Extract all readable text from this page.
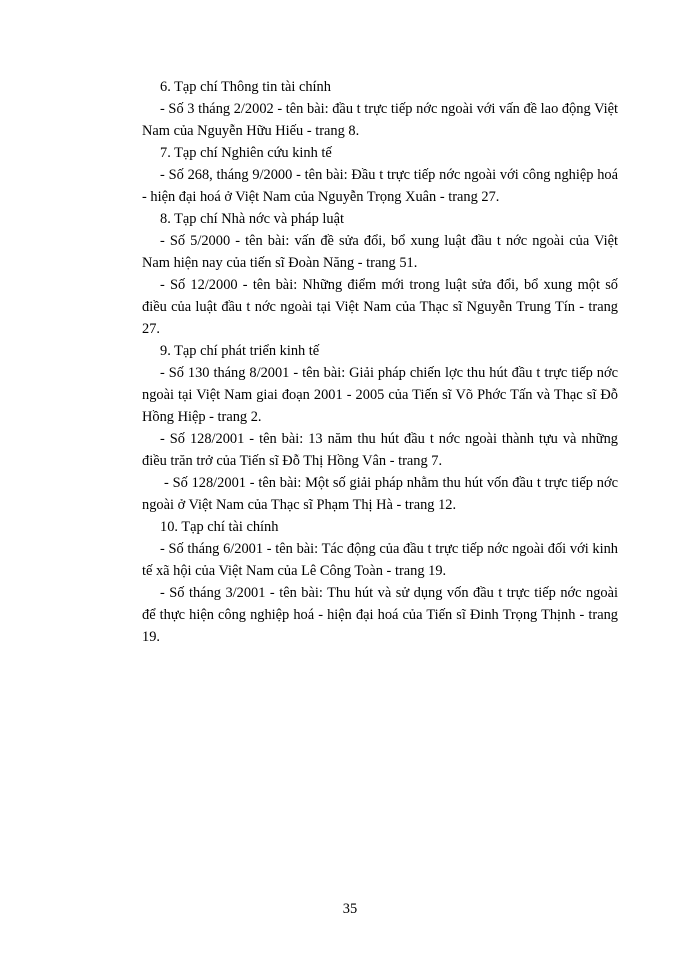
6. Tạp chí Thông tin tài chính

- Số 3 tháng 2/2002 - tên bài: đầu t trực tiếp nớc ngoài với vấn đề lao động Việt Nam của Nguyễn Hữu Hiếu - trang 8.

7. Tạp chí Nghiên cứu kinh tế

- Số 268, tháng 9/2000 - tên bài: Đầu t trực tiếp nớc ngoài với công nghiệp hoá - hiện đại hoá ở Việt Nam của Nguyễn Trọng Xuân - trang 27.

8. Tạp chí Nhà nớc và pháp luật

- Số 5/2000 - tên bài: vấn đề sửa đổi, bổ xung luật đầu t nớc ngoài của Việt Nam hiện nay của tiến sĩ Đoàn Năng - trang 51.

- Số 12/2000 - tên bài: Những điểm mới trong luật sửa đổi, bổ xung một số điều của luật đầu t nớc ngoài tại Việt Nam của Thạc sĩ Nguyễn Trung Tín - trang 27.

9. Tạp chí phát triển kinh tế

- Số 130 tháng 8/2001 - tên bài: Giải pháp chiến lợc thu hút đầu t trực tiếp nớc ngoài tại Việt Nam giai đoạn 2001 - 2005 của Tiến sĩ Võ Phớc Tấn và Thạc sĩ Đỗ Hồng Hiệp - trang 2.

- Số 128/2001 - tên bài: 13 năm thu hút đầu t nớc ngoài thành tựu và những điều trăn trở của Tiến sĩ Đỗ Thị Hồng Vân - trang 7.

- Số 128/2001 - tên bài: Một số giải pháp nhằm thu hút vốn đầu t trực tiếp nớc ngoài ở Việt Nam của Thạc sĩ Phạm Thị Hà - trang 12.

10. Tạp chí tài chính

- Số tháng 6/2001 - tên bài: Tác động của đầu t trực tiếp nớc ngoài đối với kinh tế xã hội của Việt Nam của Lê Công Toàn - trang 19.

- Số tháng 3/2001 - tên bài: Thu hút và sử dụng vốn đầu t trực tiếp nớc ngoài để thực hiện công nghiệp hoá - hiện đại hoá của Tiến sĩ Đinh Trọng Thịnh - trang 19.

35
